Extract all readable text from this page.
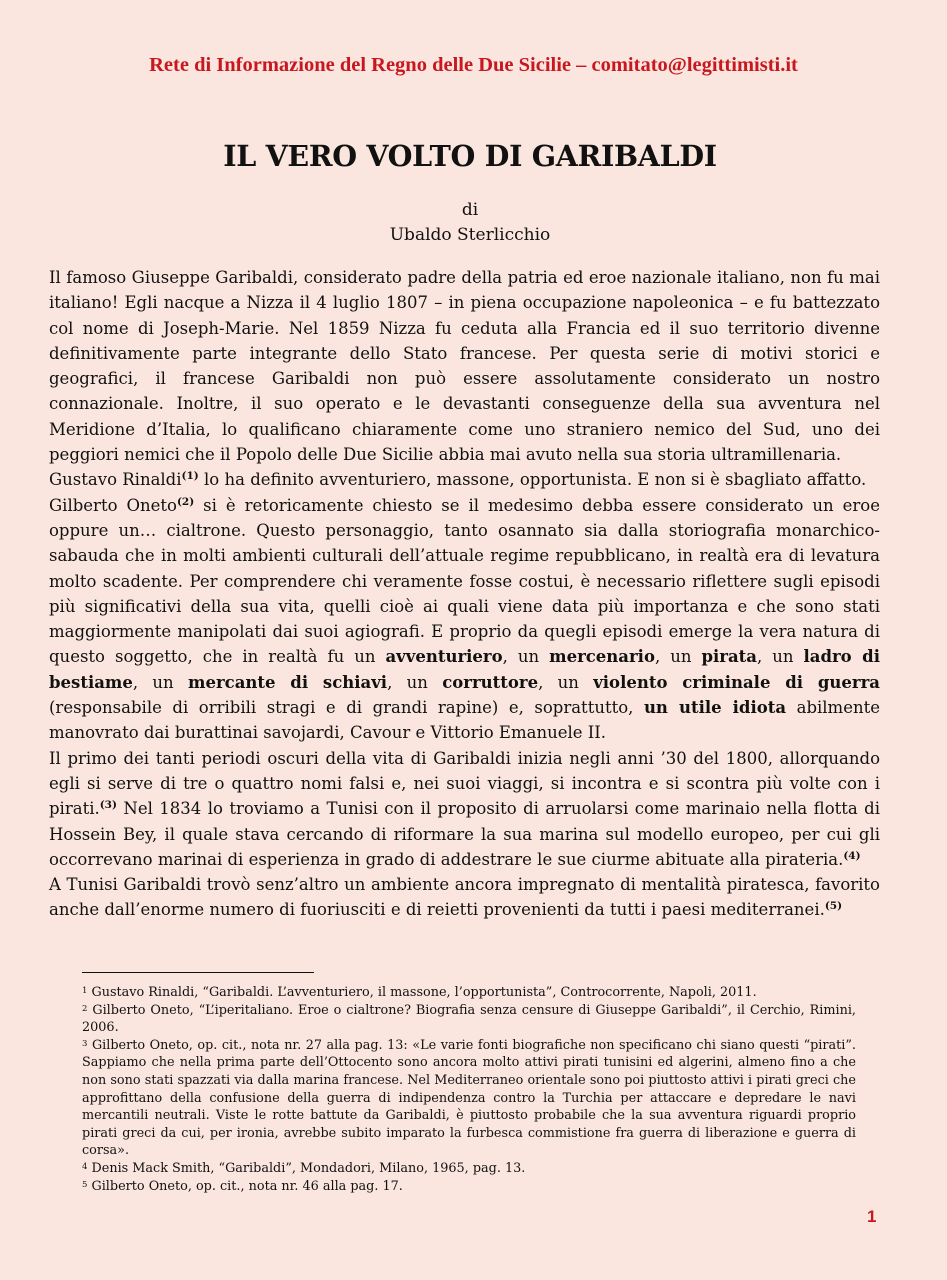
Rete di Informazione del Regno delle Due Sicilie – comitato@legittimisti.it
IL VERO VOLTO DI GARIBALDI
di
Ubaldo Sterlicchio

Il famoso Giuseppe Garibaldi, considerato padre della patria ed eroe nazionale italiano, non fu mai italiano! Egli nacque a Nizza il 4 luglio 1807 – in piena occupazione napoleonica – e fu battezzato col nome di Joseph-Marie. Nel 1859 Nizza fu ceduta alla Francia ed il suo territorio divenne definitivamente parte integrante dello Stato francese. Per questa serie di motivi storici e geografici, il francese Garibaldi non può essere assolutamente considerato un nostro connazionale. Inoltre, il suo operato e le devastanti conseguenze della sua avventura nel Meridione d’Italia, lo qualificano chiaramente come uno straniero nemico del Sud, uno dei peggiori nemici che il Popolo delle Due Sicilie abbia mai avuto nella sua storia ultramillenaria.

Gustavo Rinaldi$^{(1)}$ lo ha definito avventuriero, massone, opportunista. E non si è sbagliato affatto.

Gilberto Oneto$^{(2)}$ si è retoricamente chiesto se il medesimo debba essere considerato un eroe oppure un… cialtrone. Questo personaggio, tanto osannato sia dalla storiografia monarchico-sabauda che in molti ambienti culturali dell’attuale regime repubblicano, in realtà era di levatura molto scadente. Per comprendere chi veramente fosse costui, è necessario riflettere sugli episodi più significativi della sua vita, quelli cioè ai quali viene data più importanza e che sono stati maggiormente manipolati dai suoi agiografi. E proprio da quegli episodi emerge la vera natura di questo soggetto, che in realtà fu un avventuriero, un mercenario, un pirata, un ladro di bestiame, un mercante di schiavi, un corruttore, un violento criminale di guerra (responsabile di orribili stragi e di grandi rapine) e, soprattutto, un utile idiota abilmente manovrato dai burattinai savojardi, Cavour e Vittorio Emanuele II.

Il primo dei tanti periodi oscuri della vita di Garibaldi inizia negli anni ’30 del 1800, allorquando egli si serve di tre o quattro nomi falsi e, nei suoi viaggi, si incontra e si scontra più volte con i pirati.$^{(3)}$ Nel 1834 lo troviamo a Tunisi con il proposito di arruolarsi come marinaio nella flotta di Hossein Bey, il quale stava cercando di riformare la sua marina sul modello europeo, per cui gli occorrevano marinai di esperienza in grado di addestrare le sue ciurme abituate alla pirateria.$^{(4)}$

A Tunisi Garibaldi trovò senz’altro un ambiente ancora impregnato di mentalità piratesca, favorito anche dall’enorme numero di fuoriusciti e di reietti provenienti da tutti i paesi mediterranei.$^{(5)}$

$^1$ Gustavo Rinaldi, “Garibaldi. L’avventuriero, il massone, l’opportunista”, Controcorrente, Napoli, 2011.

$^2$ Gilberto Oneto, “L’iperitaliano. Eroe o cialtrone? Biografia senza censure di Giuseppe Garibaldi”, il Cerchio, Rimini, 2006.

$^3$ Gilberto Oneto, op. cit., nota nr. 27 alla pag. 13: «Le varie fonti biografiche non specificano chi siano questi “pirati”. Sappiamo che nella prima parte dell’Ottocento sono ancora molto attivi pirati tunisini ed algerini, almeno fino a che non sono stati spazzati via dalla marina francese. Nel Mediterraneo orientale sono poi piuttosto attivi i pirati greci che approfittano della confusione della guerra di indipendenza contro la Turchia per attaccare e depredare le navi mercantili neutrali. Viste le rotte battute da Garibaldi, è piuttosto probabile che la sua avventura riguardi proprio pirati greci da cui, per ironia, avrebbe subito imparato la furbesca commistione fra guerra di liberazione e guerra di corsa».

$^4$ Denis Mack Smith, “Garibaldi”, Mondadori, Milano, 1965, pag. 13.

$^5$ Gilberto Oneto, op. cit., nota nr. 46 alla pag. 17.

1
